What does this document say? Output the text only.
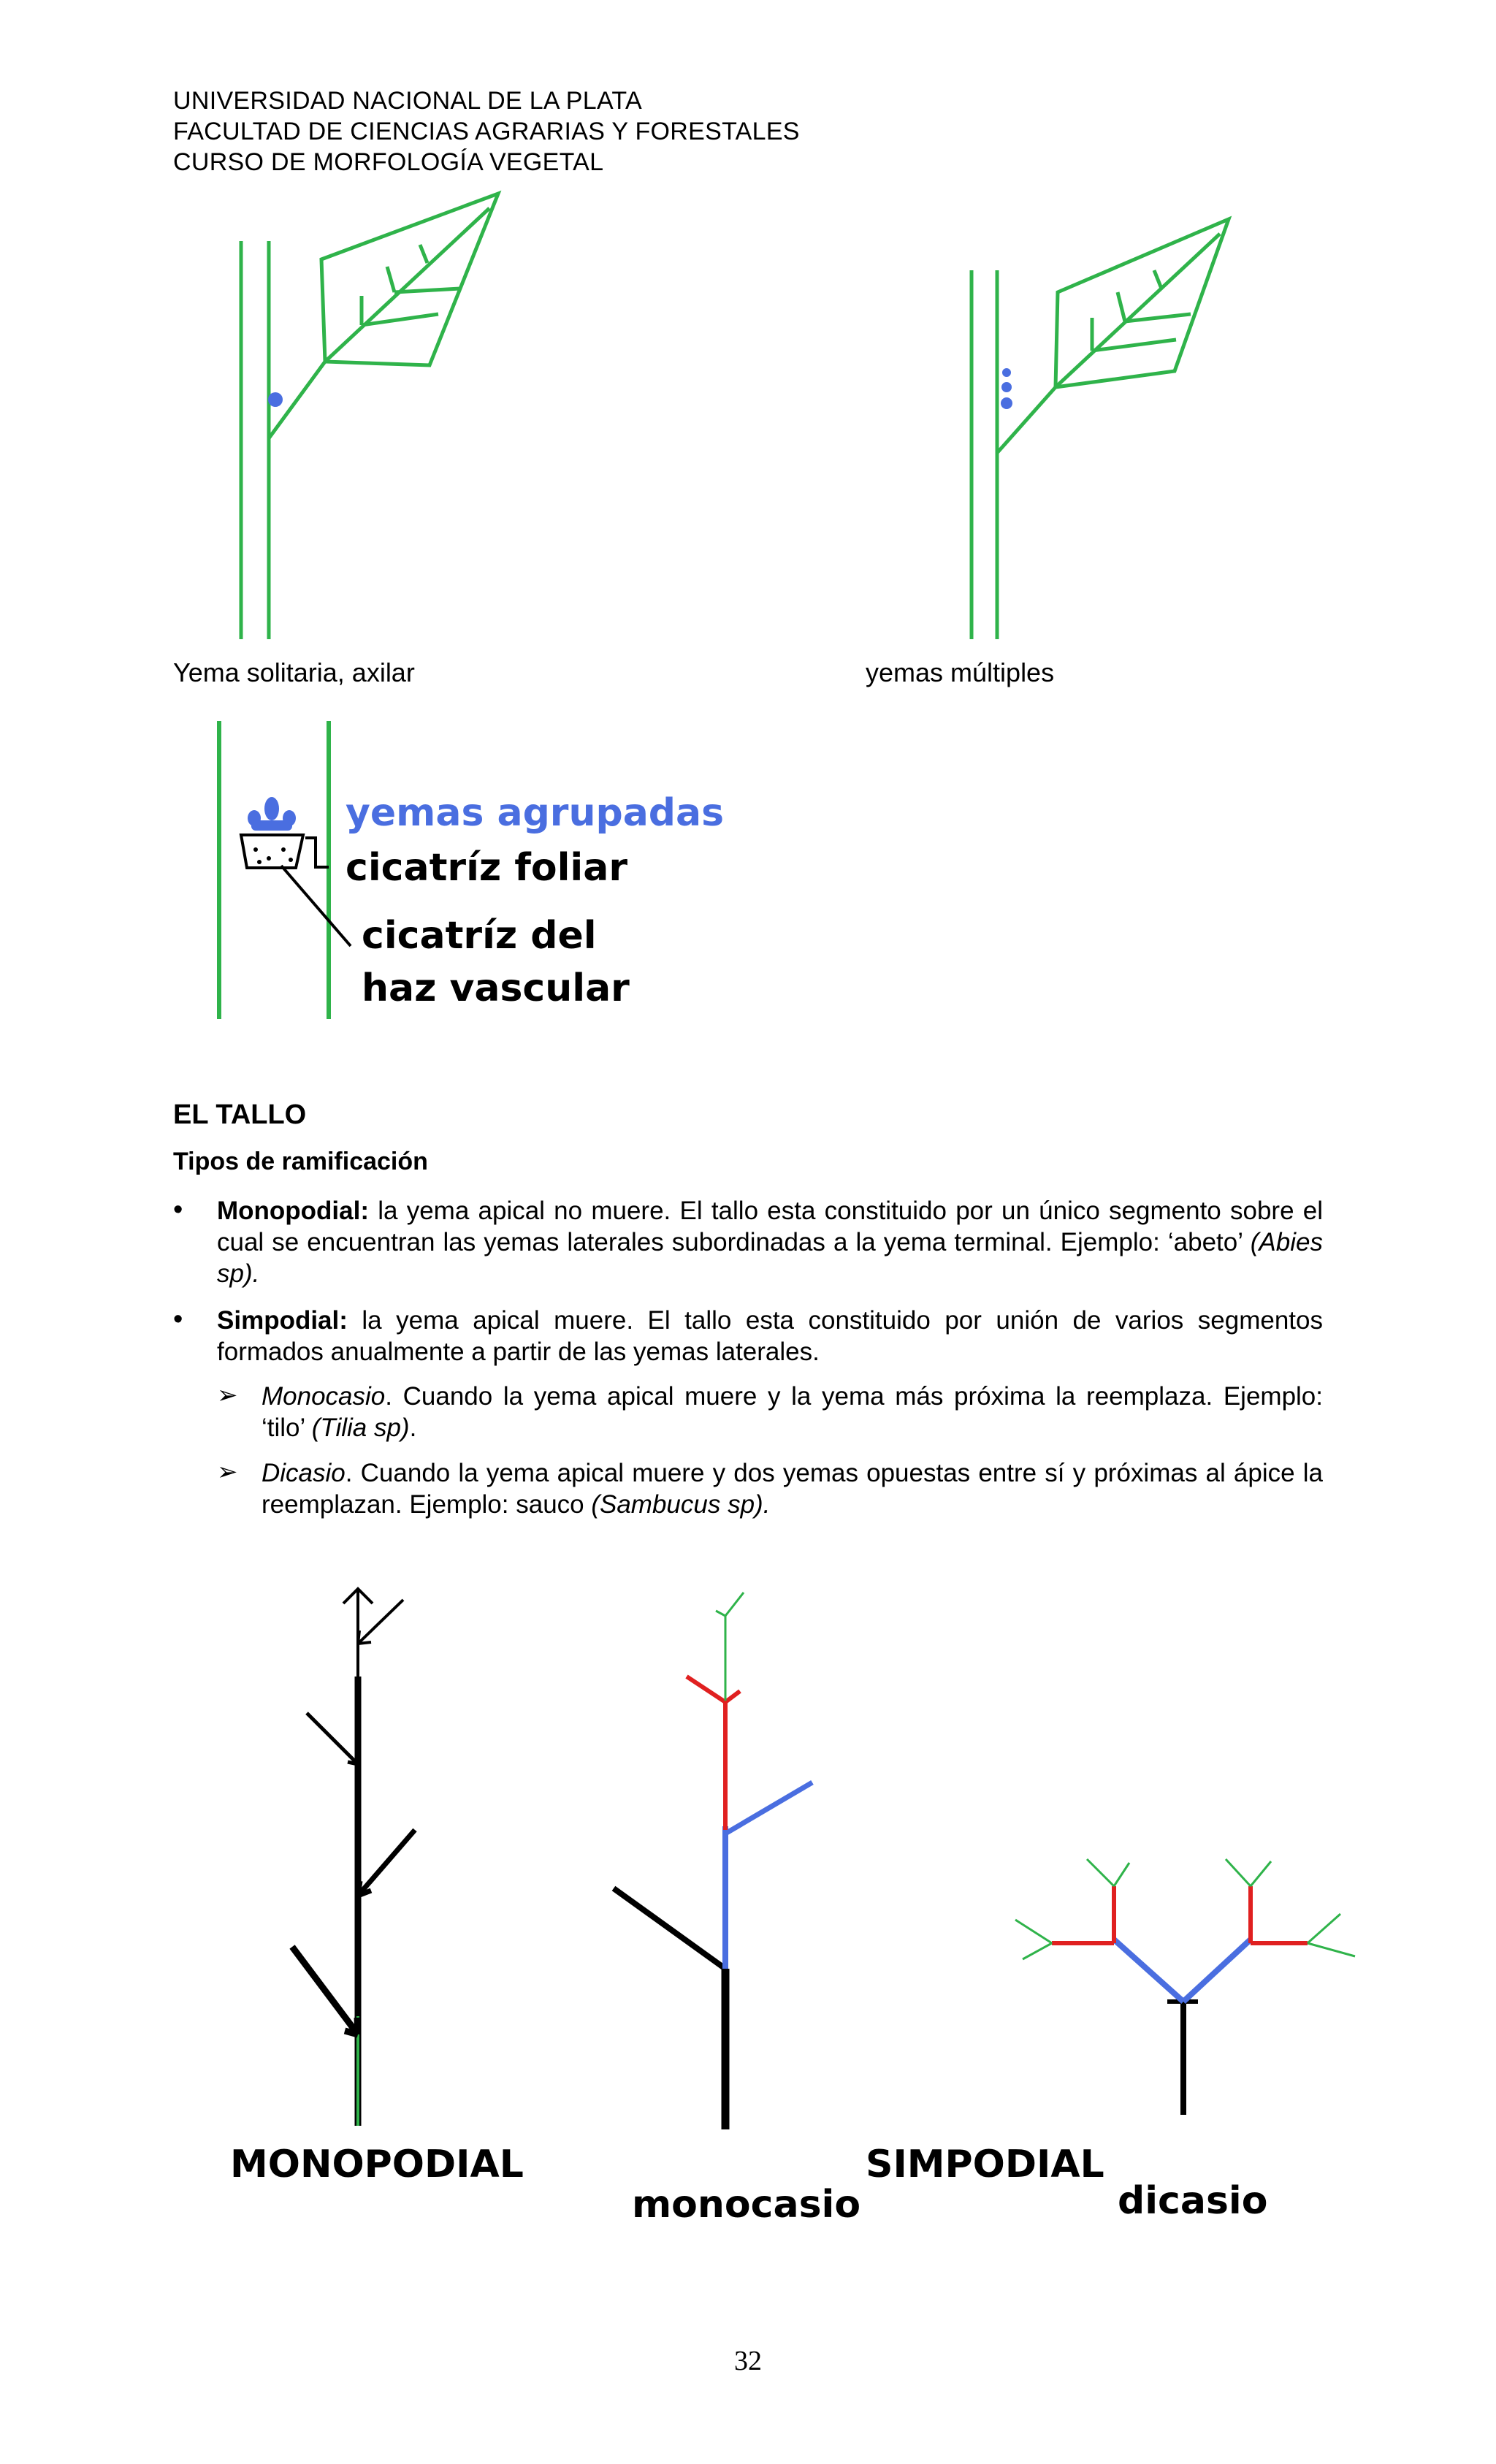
UNIVERSIDAD NACIONAL DE LA PLATA
FACULTAD DE CIENCIAS AGRARIAS Y FORESTALES
CURSO DE MORFOLOGÍA VEGETAL
Yema solitaria, axilar	yemas múltiples
yemas agrupadas
cicatríz foliar
cicatríz del
haz vascular
EL TALLO
Tipos de ramificación
• Monopodial: la yema apical no muere. El tallo esta constituido por un único segmento sobre el cual se encuentran las yemas laterales subordinadas a la yema terminal. Ejemplo: ‘abeto’ (Abies sp).
• Simpodial: la yema apical muere. El tallo esta constituido por unión de varios segmentos formados anualmente a partir de las yemas laterales.
➢ Monocasio. Cuando la yema apical muere y la yema más próxima la reemplaza. Ejemplo: ‘tilo’ (Tilia sp).
➢ Dicasio. Cuando la yema apical muere y dos yemas opuestas entre sí y próximas al ápice la reemplazan. Ejemplo: sauco (Sambucus sp).
MONOPODIAL
monocasio
SIMPODIAL
dicasio
32
